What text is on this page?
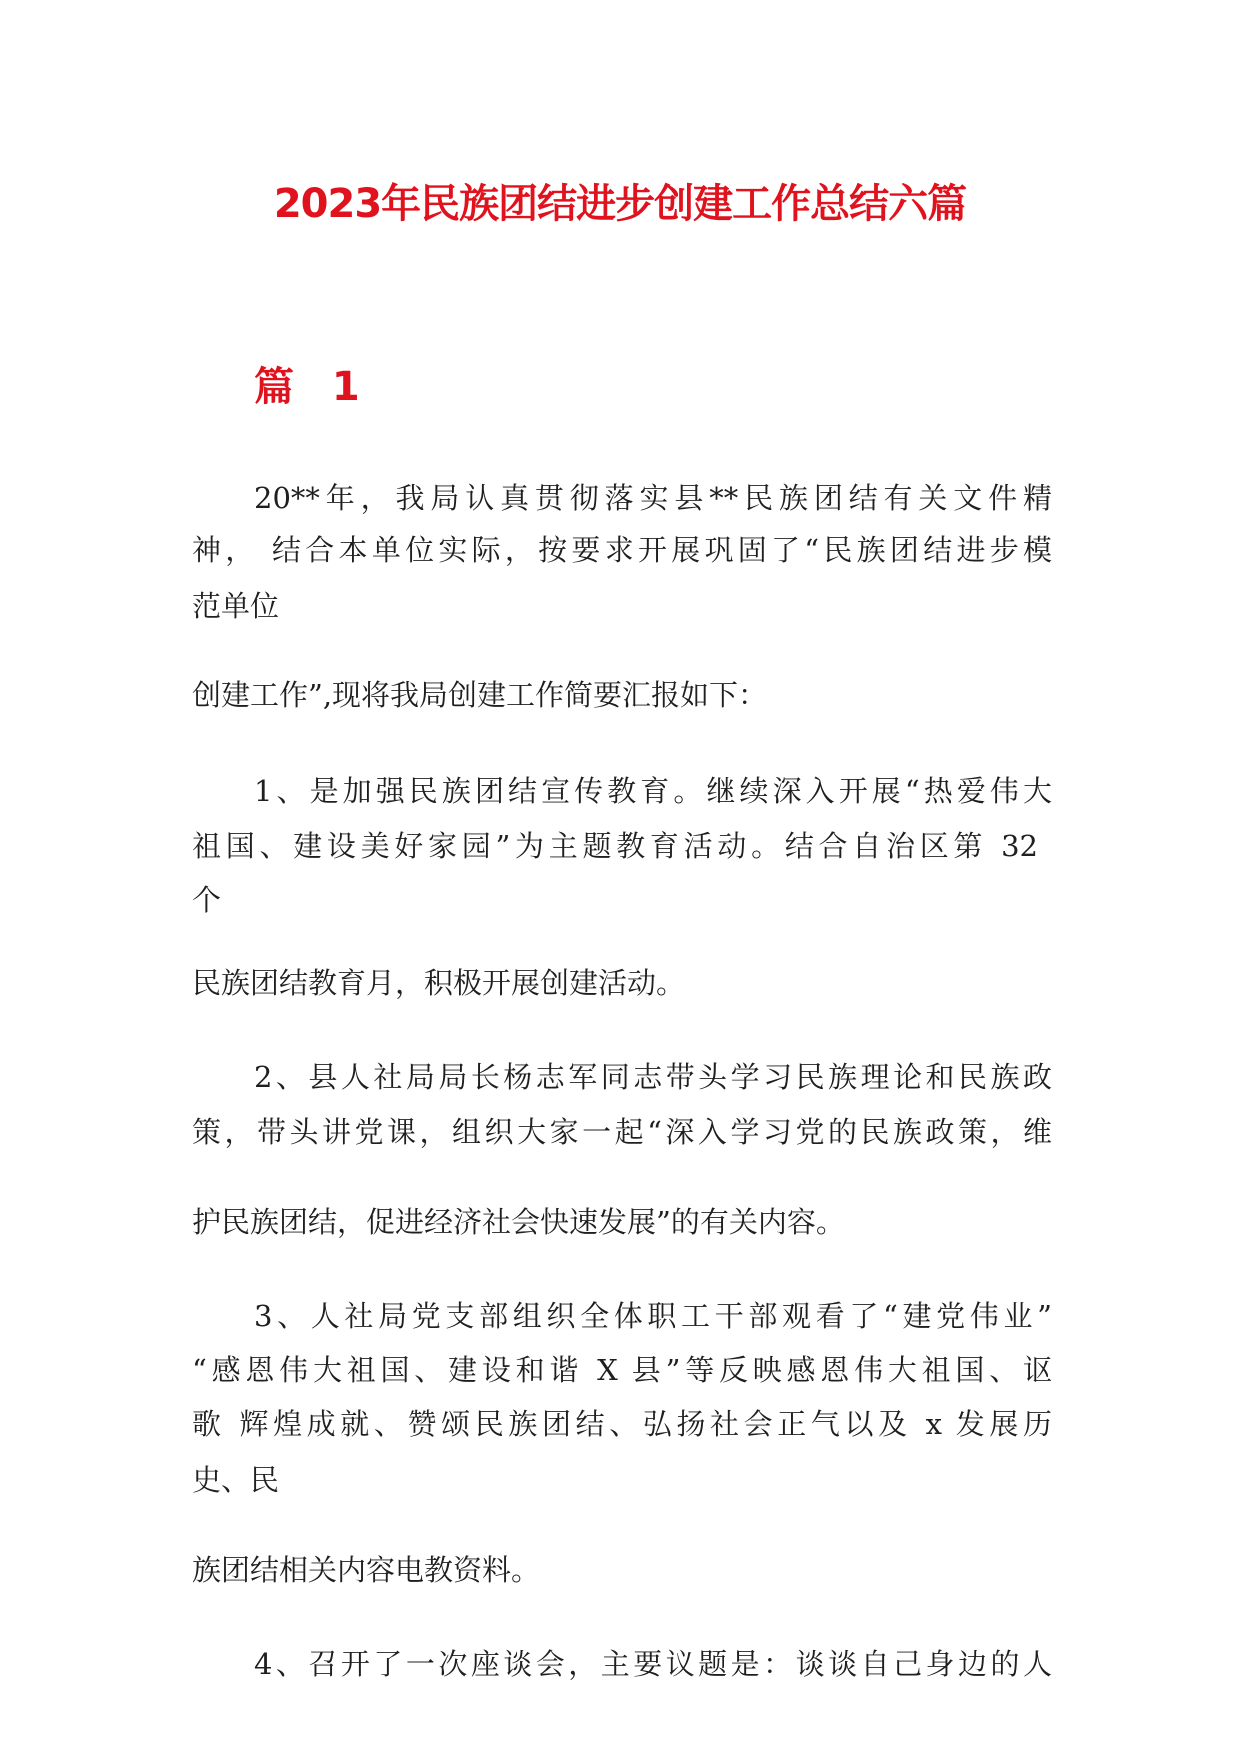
2023年民族团结进步创建工作总结六篇
篇 1
20**年，我局认真贯彻落实县**民族团结有关文件精
神， 结合本单位实际，按要求开展巩固了“民族团结进步模
范单位
创建工作”,现将我局创建工作简要汇报如下：
1、是加强民族团结宣传教育。继续深入开展“热爱伟大
祖国、建设美好家园”为主题教育活动。结合自治区第 32
个
民族团结教育月，积极开展创建活动。
2、县人社局局长杨志军同志带头学习民族理论和民族政
策，带头讲党课，组织大家一起“深入学习党的民族政策，维
护民族团结，促进经济社会快速发展”的有关内容。
3、人社局党支部组织全体职工干部观看了“建党伟业”
“感恩伟大祖国、建设和谐 X 县”等反映感恩伟大祖国、讴
歌 辉煌成就、赞颂民族团结、弘扬社会正气以及 x 发展历
史、民
族团结相关内容电教资料。
4、召开了一次座谈会，主要议题是：谈谈自己身边的人
